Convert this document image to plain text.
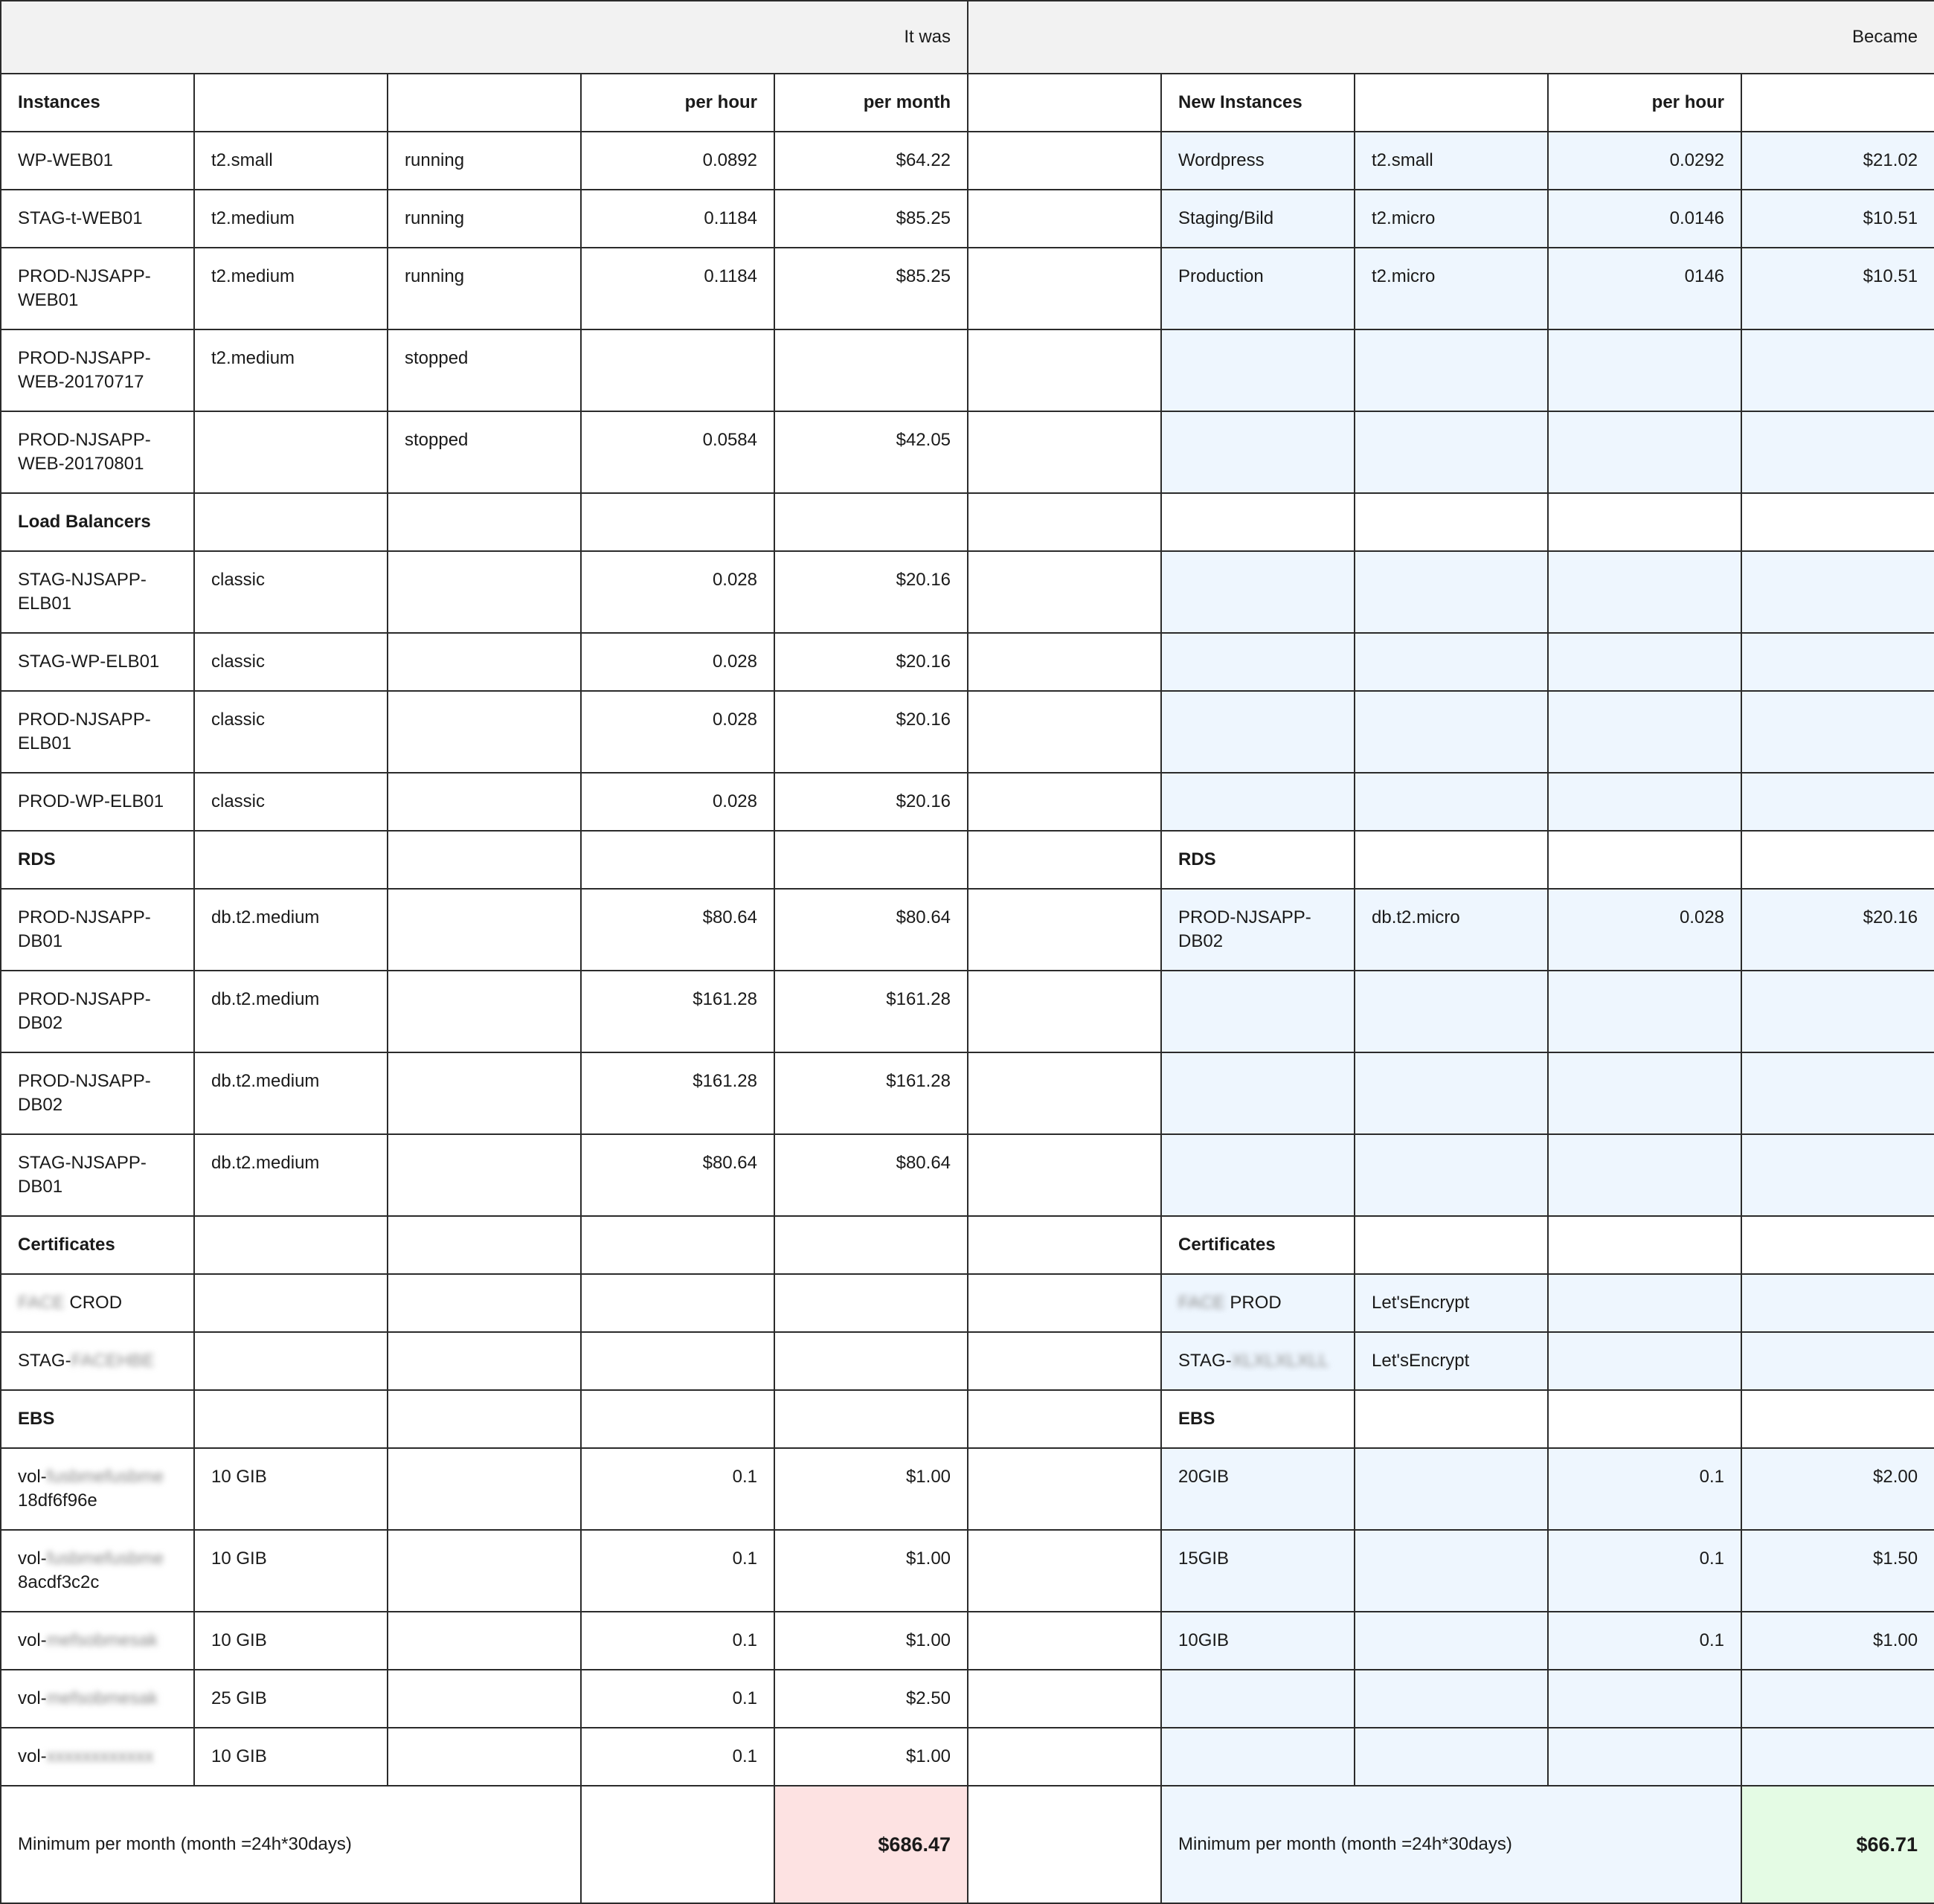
It was					Became				
Instances			per hour	per month		New Instances		per hour	
WP-WEB01	t2.small	running	0.0892	$64.22		Wordpress	t2.small	0.0292	$21.02
STAG-t-WEB01	t2.medium	running	0.1184	$85.25		Staging/Bild	t2.micro	0.0146	$10.51
PROD-NJSAPP-WEB01	t2.medium	running	0.1184	$85.25		Production	t2.micro	0146	$10.51
PROD-NJSAPP-WEB-20170717	t2.medium	stopped							
PROD-NJSAPP-WEB-20170801		stopped	0.0584	$42.05					
Load Balancers									
STAG-NJSAPP-ELB01	classic		0.028	$20.16					
STAG-WP-ELB01	classic		0.028	$20.16					
PROD-NJSAPP-ELB01	classic		0.028	$20.16					
PROD-WP-ELB01	classic		0.028	$20.16					
RDS						RDS			
PROD-NJSAPP-DB01	db.t2.medium		$80.64	$80.64		PROD-NJSAPP-DB02	db.t2.micro	0.028	$20.16
PROD-NJSAPP-DB02	db.t2.medium		$161.28	$161.28					
PROD-NJSAPP-DB02	db.t2.medium		$161.28	$161.28					
STAG-NJSAPP-DB01	db.t2.medium		$80.64	$80.64					
Certificates						Certificates			
FACE CROD						FACE PROD	Let'sEncrypt		
STAG-FACEHBE						STAG-XLXLXLXLL	Let'sEncrypt		
EBS						EBS			
vol-fusbmefusbme
18df6f96e	10 GIB		0.1	$1.00		20GIB		0.1	$2.00
vol-fusbmefusbme
8acdf3c2c	10 GIB		0.1	$1.00		15GIB		0.1	$1.50
vol-mefsobmesak	10 GIB		0.1	$1.00		10GIB		0.1	$1.00
vol-mefsobmesak	25 GIB		0.1	$2.50					
vol-xxxxxxxxxxxx	10 GIB		0.1	$1.00					
Minimum per month (month =24h*30days)				$686.47		Minimum per month (month =24h*30days)			$66.71
